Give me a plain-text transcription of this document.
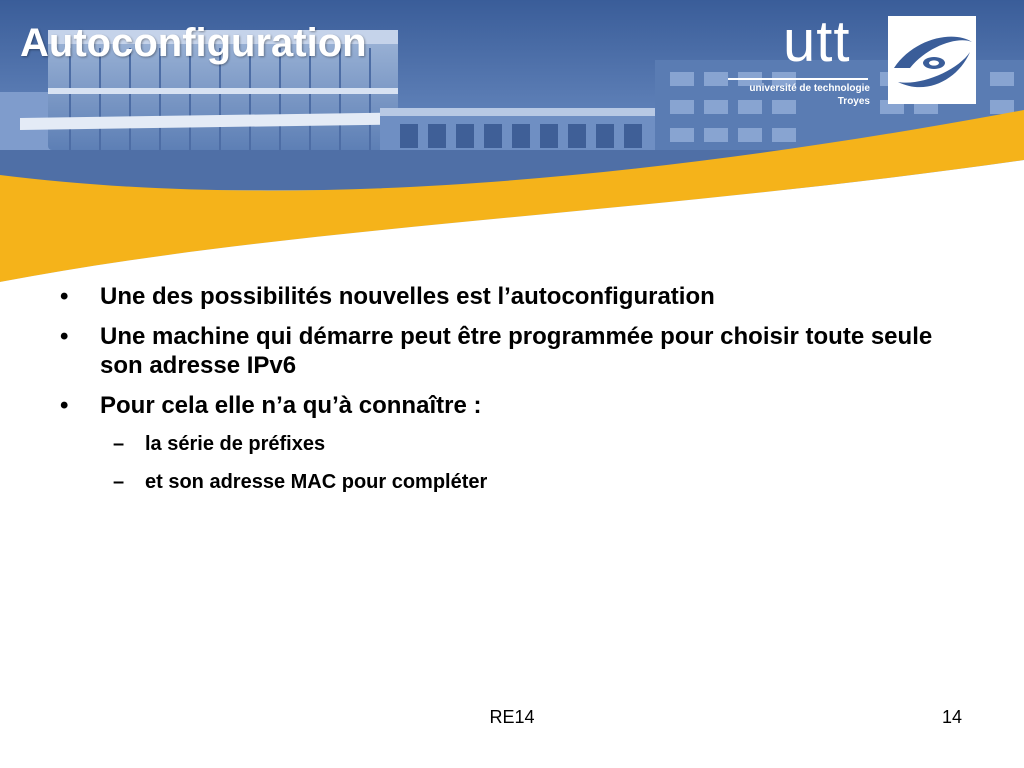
Autoconfiguration	utt
université de technologie
Troyes
• Une des possibilités nouvelles est l’autoconfiguration
• Une machine qui démarre peut être programmée pour choisir toute seule son adresse IPv6
• Pour cela elle n’a qu’à connaître :
– la série de préfixes
– et son adresse MAC pour compléter
RE14	14
